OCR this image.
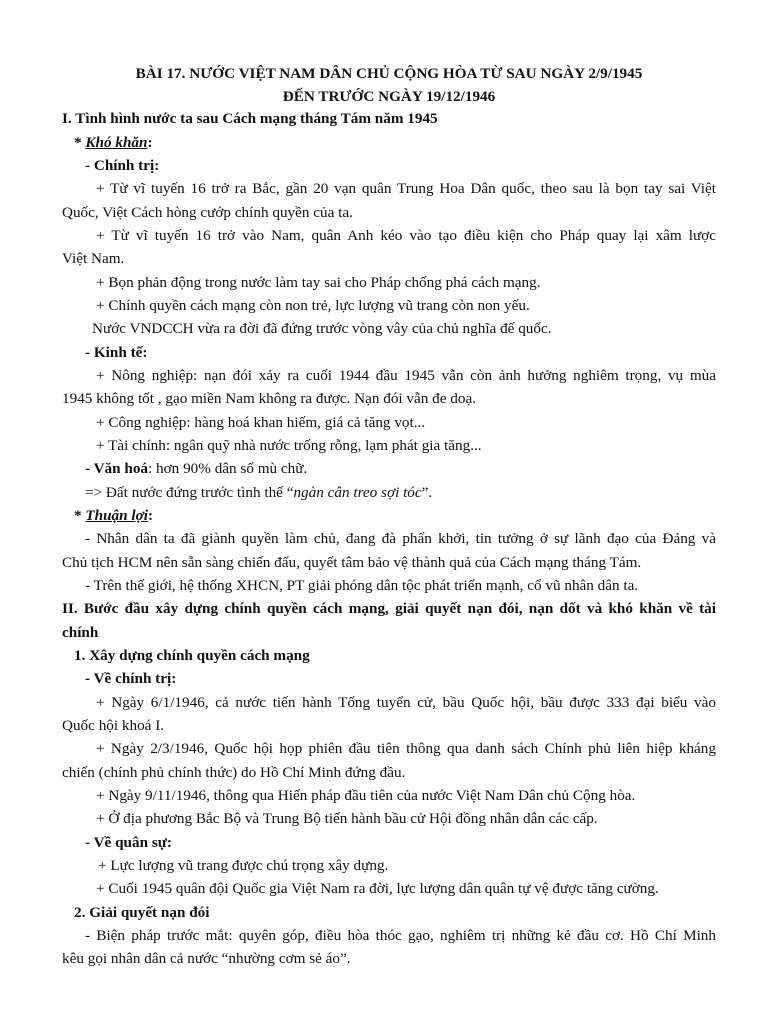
BÀI 17. NƯỚC VIỆT NAM DÂN CHỦ CỘNG HÒA TỪ SAU NGÀY 2/9/1945
ĐẾN TRƯỚC NGÀY 19/12/1946
I. Tình hình nước ta sau Cách mạng tháng Tám năm 1945
* Khó khăn:
- Chính trị:
+ Từ vĩ tuyến 16 trở ra Bắc, gần 20 vạn quân Trung Hoa Dân quốc, theo sau là bọn tay sai Việt
Quốc, Việt Cách hòng cướp chính quyền của ta.
+ Từ vĩ tuyến 16 trở vào Nam, quân Anh kéo vào tạo điều kiện cho Pháp quay lại xâm lược
Việt Nam.
+ Bọn phản động trong nước làm tay sai cho Pháp chống phá cách mạng.
+ Chính quyền cách mạng còn non trẻ, lực lượng vũ trang còn non yếu.
Nước VNDCCH vừa ra đời đã đứng trước vòng vây của chủ nghĩa đế quốc.
- Kinh tế:
+ Nông nghiệp: nạn đói xảy ra cuối 1944 đầu 1945 vẫn còn ảnh hưởng nghiêm trọng, vụ mùa
1945 không tốt , gạo miền Nam không ra được. Nạn đói vẫn đe doạ.
+ Công nghiệp: hàng hoá khan hiếm, giá cả tăng vọt...
+ Tài chính: ngân quỹ nhà nước trống rỗng, lạm phát gia tăng...
- Văn hoá: hơn 90% dân số mù chữ.
=> Đất nước đứng trước tình thế “ngàn cân treo sợi tóc”.
* Thuận lợi:
- Nhân dân ta đã giành quyền làm chủ, đang đà phấn khởi, tin tưởng ở sự lãnh đạo của Đảng và
Chủ tịch HCM nên sẵn sàng chiến đấu, quyết tâm bảo vệ thành quả của Cách mạng tháng Tám.
- Trên thế giới, hệ thống XHCN, PT giải phóng dân tộc phát triển mạnh, cổ vũ nhân dân ta.
II. Bước đầu xây dựng chính quyền cách mạng, giải quyết nạn đói, nạn dốt và khó khăn về tài
chính
1. Xây dựng chính quyền cách mạng
- Về chính trị:
+ Ngày 6/1/1946, cả nước tiến hành Tổng tuyển cử, bầu Quốc hội, bầu được 333 đại biểu vào
Quốc hội khoá I.
+ Ngày 2/3/1946, Quốc hội họp phiên đầu tiên thông qua danh sách Chính phủ liên hiệp kháng
chiến (chính phủ chính thức) do Hồ Chí Minh đứng đầu.
+ Ngày 9/11/1946, thông qua Hiến pháp đầu tiên của nước Việt Nam Dân chủ Cộng hòa.
+ Ở địa phương Bắc Bộ và Trung Bộ tiến hành bầu cử Hội đồng nhân dân các cấp.
- Về quân sự:
+ Lực lượng vũ trang được chú trọng xây dựng.
+ Cuối 1945 quân đội Quốc gia Việt Nam ra đời, lực lượng dân quân tự vệ được tăng cường.
2. Giải quyết nạn đói
- Biện pháp trước mắt: quyên góp, điều hòa thóc gạo, nghiêm trị những kẻ đầu cơ. Hồ Chí Minh
kêu gọi nhân dân cả nước “nhường cơm sẻ áo”.
